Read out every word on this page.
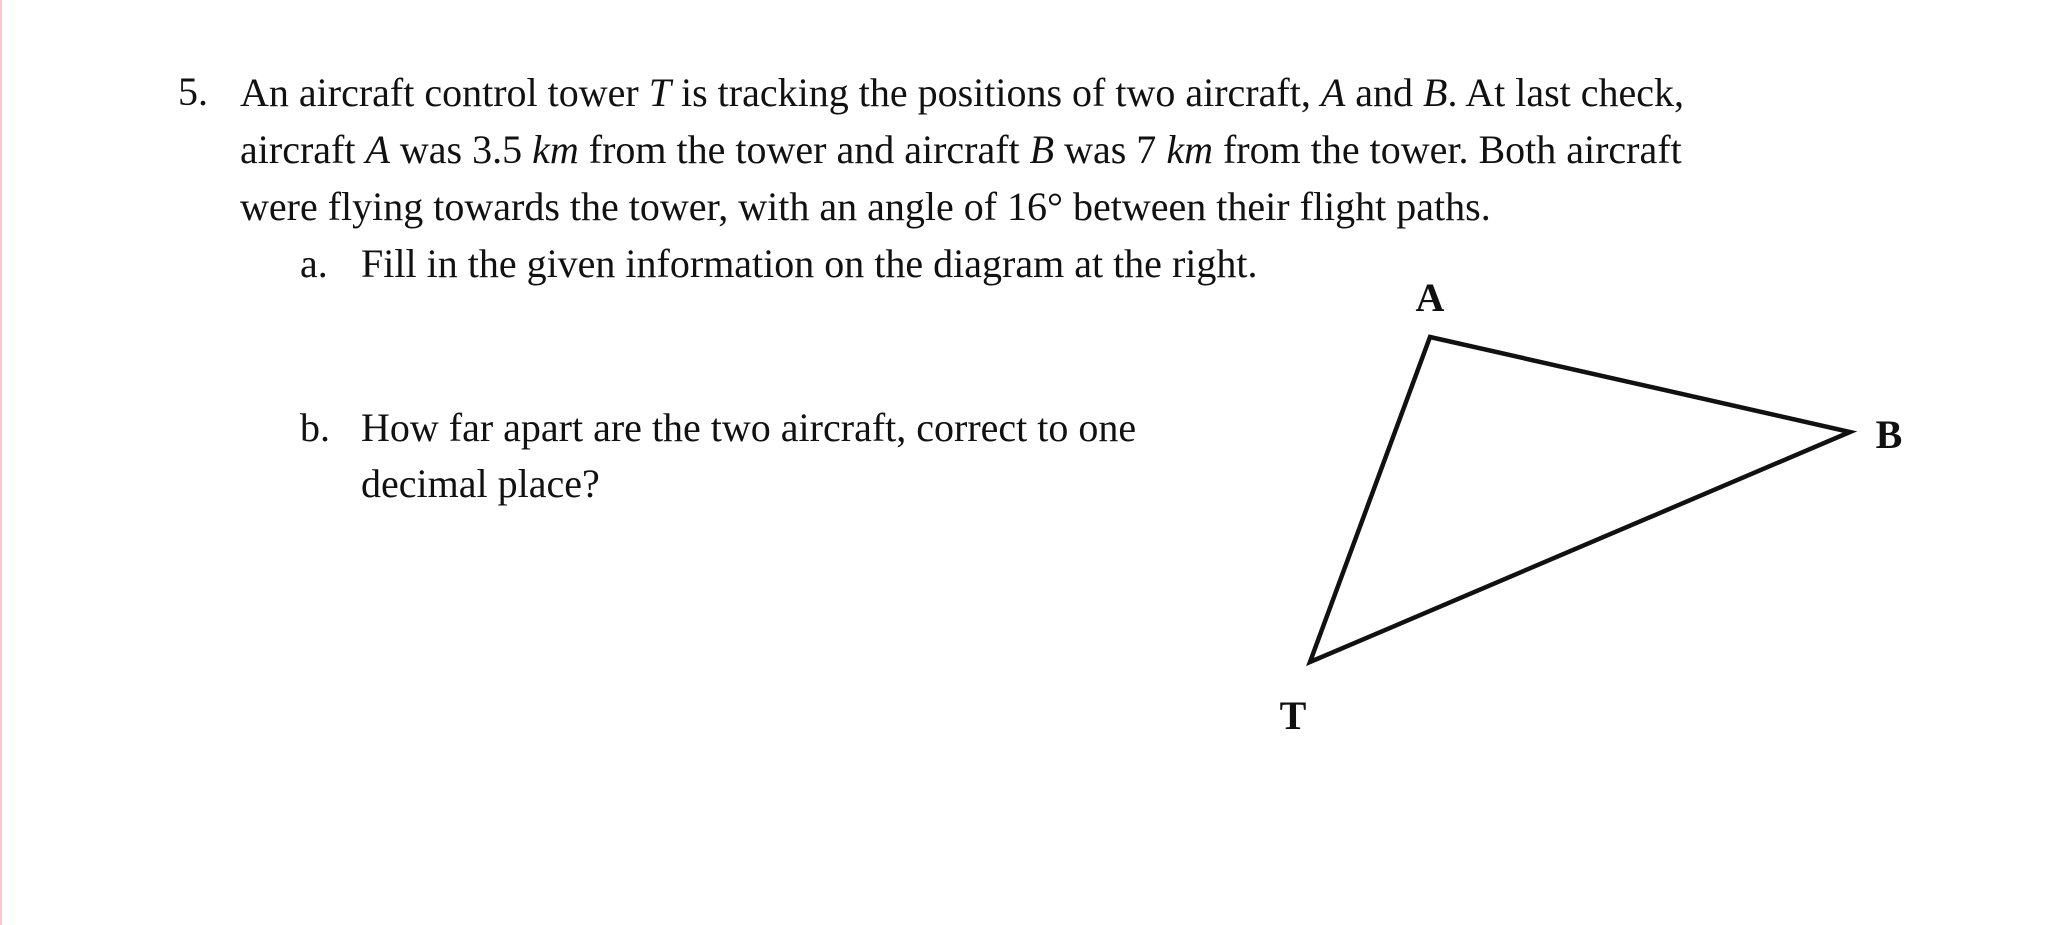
5. An aircraft control tower T is tracking the positions of two aircraft, A and B. At last check,
aircraft A was 3.5 km from the tower and aircraft B was 7 km from the tower. Both aircraft
were flying towards the tower, with an angle of 16° between their flight paths.
a. Fill in the given information on the diagram at the right.
b. How far apart are the two aircraft, correct to one decimal place?
A
B
T
